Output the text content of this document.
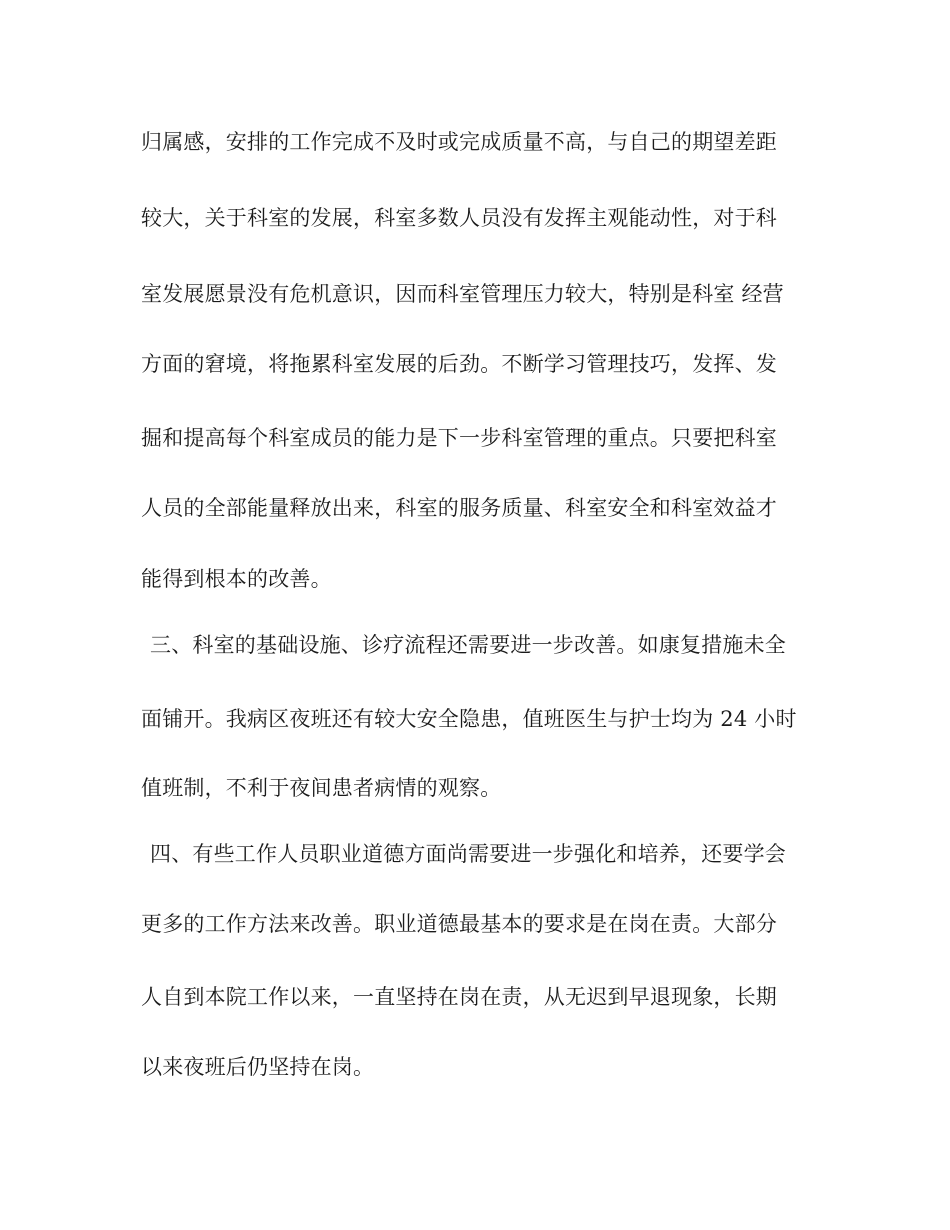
归属感，安排的工作完成不及时或完成质量不高，与自己的期望差距

较大，关于科室的发展，科室多数人员没有发挥主观能动性，对于科

室发展愿景没有危机意识，因而科室管理压力较大，特别是科室 经营

方面的窘境，将拖累科室发展的后劲。不断学习管理技巧，发挥、发

掘和提高每个科室成员的能力是下一步科室管理的重点。只要把科室

人员的全部能量释放出来，科室的服务质量、科室安全和科室效益才

能得到根本的改善。

三、科室的基础设施、诊疗流程还需要进一步改善。如康复措施未全

面铺开。我病区夜班还有较大安全隐患，值班医生与护士均为 24 小时

值班制，不利于夜间患者病情的观察。

四、有些工作人员职业道德方面尚需要进一步强化和培养，还要学会

更多的工作方法来改善。职业道德最基本的要求是在岗在责。大部分

人自到本院工作以来，一直坚持在岗在责，从无迟到早退现象，长期

以来夜班后仍坚持在岗。
